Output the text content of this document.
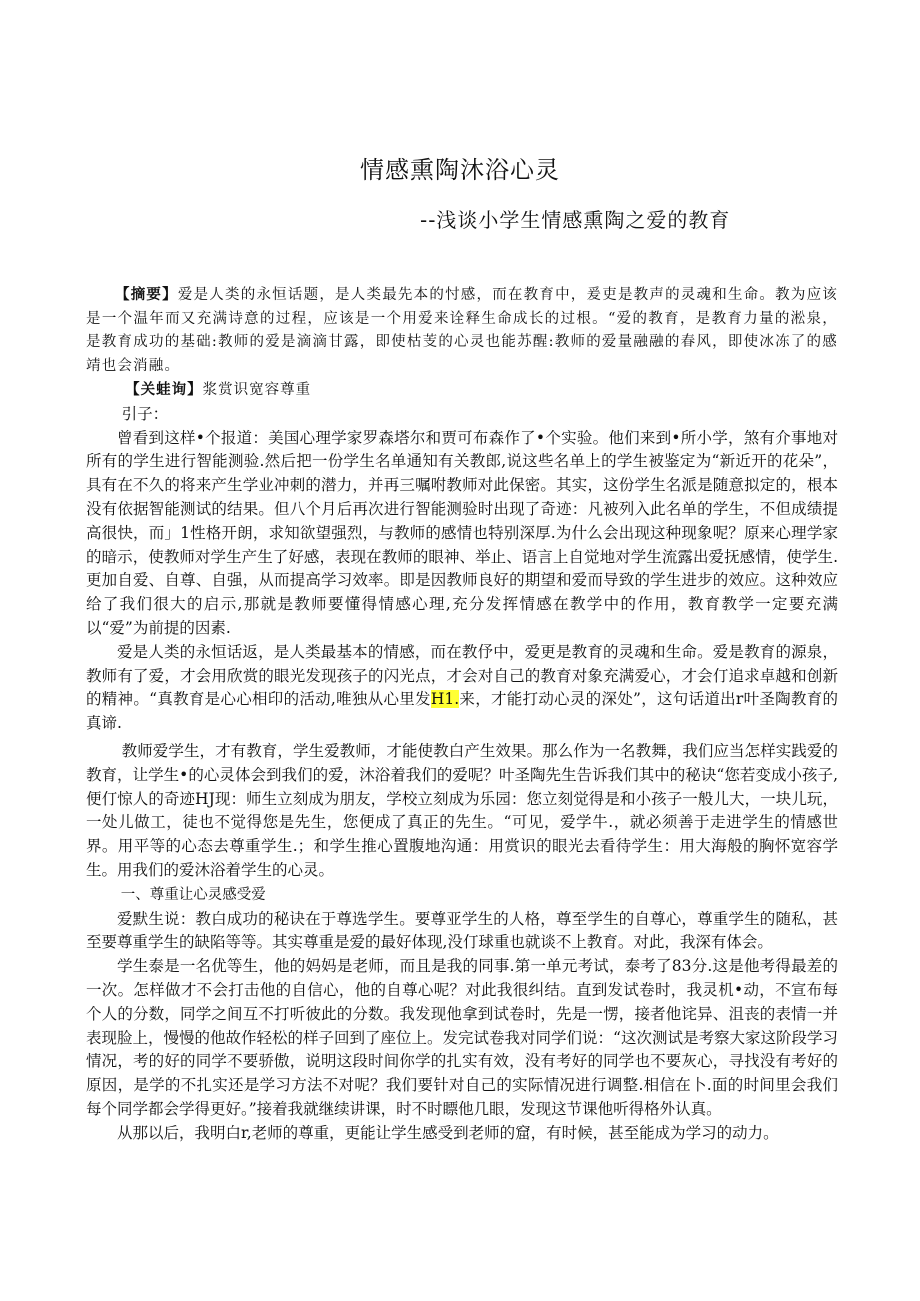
情感熏陶沐浴心灵
--浅谈小学生情感熏陶之爱的教育

【摘要】爱是人类的永恒话题，是人类最先本的忖感，而在教育中，爰吏是教声的灵魂和生命。教为应该是一个温年而又充满诗意的过程，应该是一个用爱来诠释生命成长的过根。“爱的教育，是教育力量的淞泉，是教育成功的基础:教师的爱是滴滴甘露，即使枯芰的心灵也能苏醒:教师的爱量融融的春风，即使冰冻了的感靖也会消融。

【关蛙询】浆赏识宽容尊重

引子：

曾看到这样•个报道：美国心理学家罗森塔尔和贾可布森作了•个实验。他们来到•所小学，煞有介事地对所有的学生进行智能测验.然后把一份学生名单通知有关教郎,说这些名单上的学生被鉴定为“新近开的花朵”，具有在不久的将来产生学业冲刺的潜力，并再三嘱咐教师对此保密。其实，这份学生名派是随意拟定的，根本没有依据智能测试的结果。但八个月后再次进行智能测验时出现了奇迹：凡被列入此名单的学生，不但成绩提高很快，而」1性格开朗，求知欲望强烈，与教师的感情也特别深厚.为什么会出现这种现象呢？原来心理学家的暗示，使教师对学生产生了好感，表现在教师的眼神、举止、语言上自觉地对学生流露出爱抚感情，使学生.更加自爱、自尊、自强，从而提高学习效率。即是因教师良好的期望和爱而导致的学生进步的效应。这种效应给了我们很大的启示,那就是教师要懂得情感心理,充分发挥情感在教学中的作用，教育教学一定要充满以“爱”为前提的因素.

爱是人类的永恒话返，是人类最基本的情感，而在教伃中，爱更是教育的灵魂和生命。爱是教育的源泉，教师有了爱，才会用欣赏的眼光发现孩子的闪光点，才会对自己的教育对象充满爱心，才会仃追求卓越和创新的精神。“真教育是心心相印的活动,唯独从心里发H1.来，才能打动心灵的深处”，这句话道出r叶圣陶教育的真谛.

教师爱学生，才有教育，学生爱教师，才能使教白产生效果。那么作为一名教舞，我们应当怎样实践爱的教育，让学生•的心灵体会到我们的爱，沐浴着我们的爱呢？叶圣陶先生告诉我们其中的秘诀“您若变成小孩子,便仃惊人的奇迹HJ现：师生立刻成为朋友，学校立刻成为乐园：您立刻觉得是和小孩子一般儿大，一块儿玩，一处儿做工，徒也不觉得您是先生，您便成了真正的先生。“可见，爱学牛.，就必须善于走进学生的情感世界。用平等的心态去尊重学生.；和学生推心置腹地沟通：用赏识的眼光去看待学生：用大海般的胸怀宽容学生。用我们的爱沐浴着学生的心灵。

一、尊重让心灵感受爱

爱默生说：教白成功的秘诀在于尊选学生。要尊亚学生的人格，尊至学生的自尊心，尊重学生的随私，甚至要尊重学生的缺陷等等。其实尊重是爱的最好体现,没仃球重也就谈不上教育。对此，我深有体会。

学生泰是一名优等生，他的妈妈是老师，而且是我的同事.第一单元考试，泰考了83分.这是他考得最差的一次。怎样做才不会打击他的自信心，他的自尊心呢？对此我很纠结。直到发试卷时，我灵机•动，不宣布每个人的分数，同学之间互不打听彼此的分数。我发现他拿到试卷时，先是一愣，接者他诧异、沮丧的表情一并表现脸上，慢慢的他故作轻松的样子回到了座位上。发完试卷我对同学们说：“这次测试是考察大家这阶段学习情况，考的好的同学不要骄傲，说明这段时间你学的扎实有效，没有考好的同学也不要灰心，寻找没有考好的原因，是学的不扎实还是学习方法不对呢？我们要针对自己的实际情况进行调整.相信在卜.面的时间里会我们每个同学都会学得更好。”接着我就继续讲课，时不时瞟他几眼，发现这节课他听得格外认真。

从那以后，我明白r,老师的尊重，更能让学生感受到老师的窟，有时候，甚至能成为学习的动力。
